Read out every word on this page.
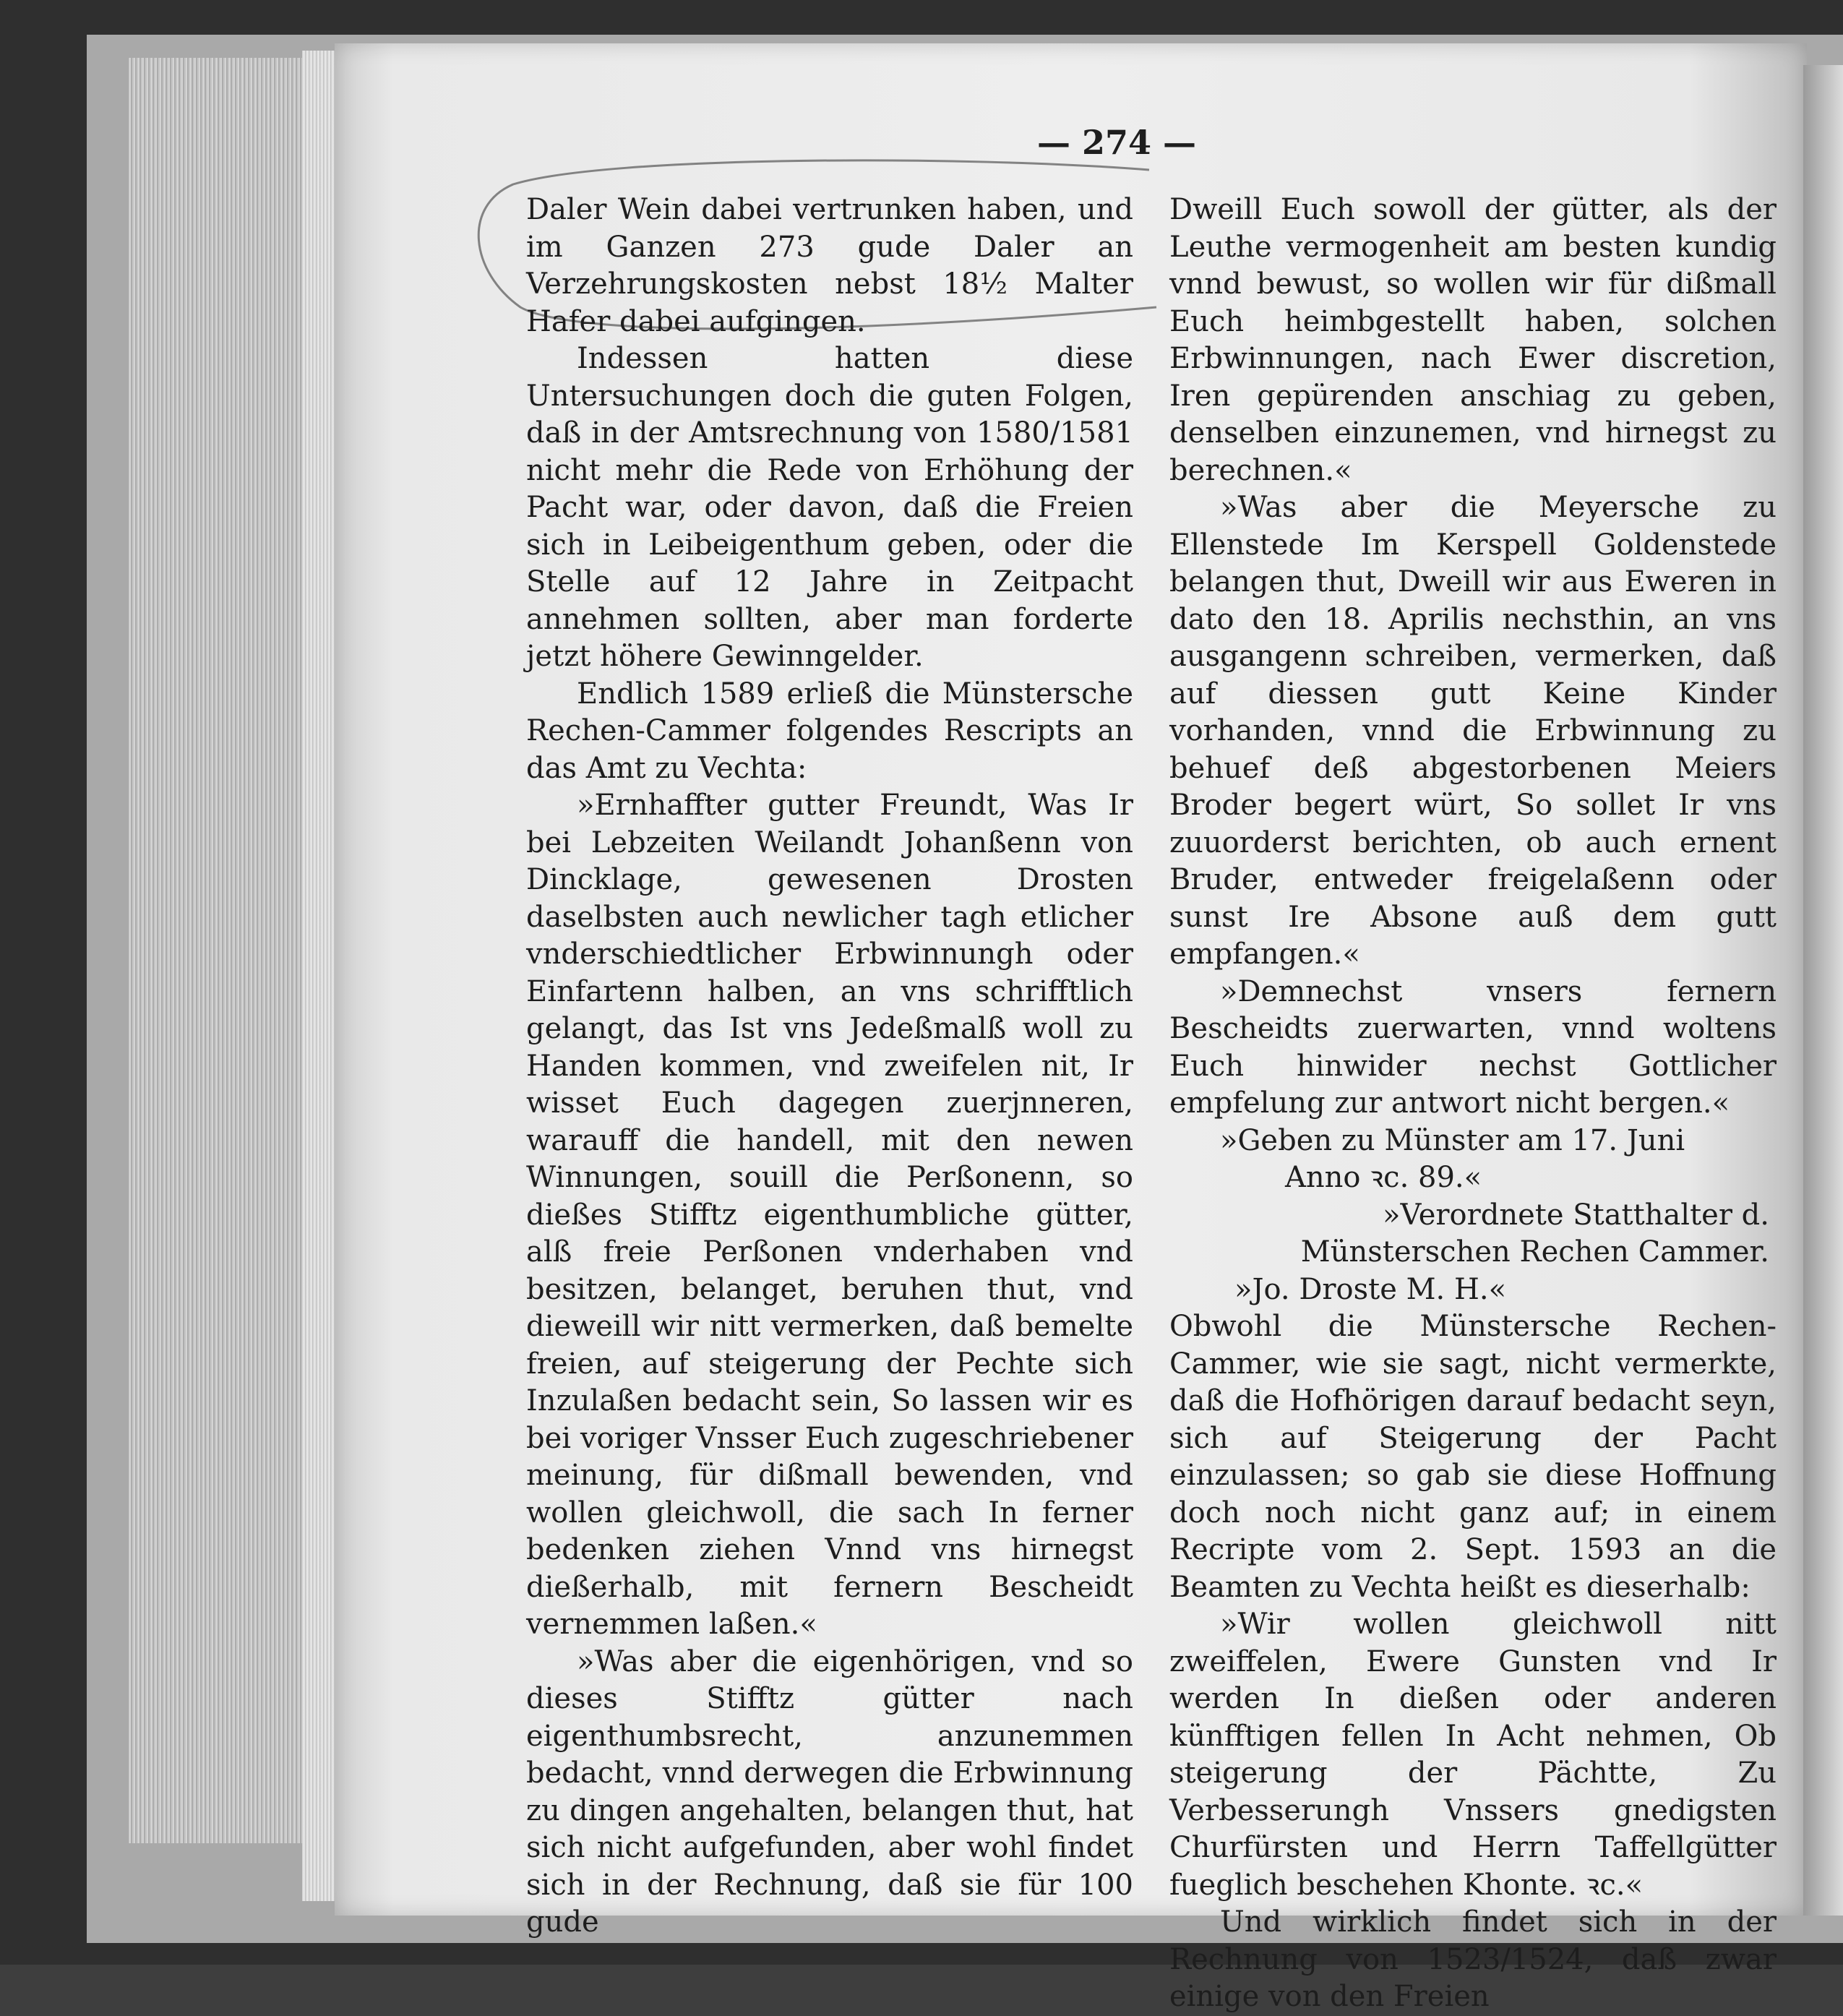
— 274 —

Daler Wein dabei vertrunken haben, und im Ganzen 273 gude Daler an Verzehrungskosten nebst 18½ Malter Hafer dabei aufgingen.

Indessen hatten diese Untersuchungen doch die guten Folgen, daß in der Amtsrechnung von 1580/1581 nicht mehr die Rede von Erhöhung der Pacht war, oder davon, daß die Freien sich in Leibeigenthum geben, oder die Stelle auf 12 Jahre in Zeitpacht annehmen sollten, aber man forderte jetzt höhere Gewinngelder.

Endlich 1589 erließ die Münstersche Rechen-Cammer folgendes Rescripts an das Amt zu Vechta:

»Ernhaffter gutter Freundt, Was Ir bei Lebzeiten Weilandt Johanßenn von Dincklage, gewesenen Drosten daselbsten auch newlicher tagh etlicher vnderschiedtlicher Erbwinnungh oder Einfartenn halben, an vns schrifftlich gelangt, das Ist vns Jedeßmalß woll zu Handen kommen, vnd zweifelen nit, Ir wisset Euch dagegen zuerjnneren, warauff die handell, mit den newen Winnungen, souill die Perßonenn, so dießes Stifftz eigenthumbliche gütter, alß freie Perßonen vnderhaben vnd besitzen, belanget, beruhen thut, vnd dieweill wir nitt vermerken, daß bemelte freien, auf steigerung der Pechte sich Inzulaßen bedacht sein, So lassen wir es bei voriger Vnsser Euch zugeschriebener meinung, für dißmall bewenden, vnd wollen gleichwoll, die sach In ferner bedenken ziehen Vnnd vns hirnegst dießerhalb, mit fernern Bescheidt vernemmen laßen.«

»Was aber die eigenhörigen, vnd so dieses Stifftz gütter nach eigenthumbsrecht, anzunemmen bedacht, vnnd derwegen die Erbwinnung zu dingen angehalten, belangen thut, hat sich nicht aufgefunden, aber wohl findet sich in der Rechnung, daß sie für 100 gude

Dweill Euch sowoll der gütter, als der Leuthe vermogenheit am besten kundig vnnd bewust, so wollen wir für dißmall Euch heimbgestellt haben, solchen Erbwinnungen, nach Ewer discretion, Iren gepürenden anschiag zu geben, denselben einzunemen, vnd hirnegst zu berechnen.«

»Was aber die Meyersche zu Ellenstede Im Kerspell Goldenstede belangen thut, Dweill wir aus Eweren in dato den 18. Aprilis nechsthin, an vns ausgangenn schreiben, vermerken, daß auf diessen gutt Keine Kinder vorhanden, vnnd die Erbwinnung zu behuef deß abgestorbenen Meiers Broder begert würt, So sollet Ir vns zuuorderst berichten, ob auch ernent Bruder, entweder freigelaßenn oder sunst Ire Absone auß dem gutt empfangen.«

»Demnechst vnsers fernern Bescheidts zuerwarten, vnnd woltens Euch hinwider nechst Gottlicher empfelung zur antwort nicht bergen.«

»Geben zu Münster am 17. Juni

Anno ꝛc. 89.«

»Verordnete Statthalter d. Münsterschen Rechen Cammer.

»Jo. Droste M. H.«

Obwohl die Münstersche Rechen-Cammer, wie sie sagt, nicht vermerkte, daß die Hofhörigen darauf bedacht seyn, sich auf Steigerung der Pacht einzulassen; so gab sie diese Hoffnung doch noch nicht ganz auf; in einem Recripte vom 2. Sept. 1593 an die Beamten zu Vechta heißt es dieserhalb:

»Wir wollen gleichwoll nitt zweiffelen, Ewere Gunsten vnd Ir werden In dießen oder anderen künfftigen fellen In Acht nehmen, Ob steigerung der Pächtte, Zu Verbesserungh Vnssers gnedigsten Churfürsten und Herrn Taffellgütter fueglich beschehen Khonte. ꝛc.«

Und wirklich findet sich in der Rechnung von 1523/1524, daß zwar einige von den Freien
